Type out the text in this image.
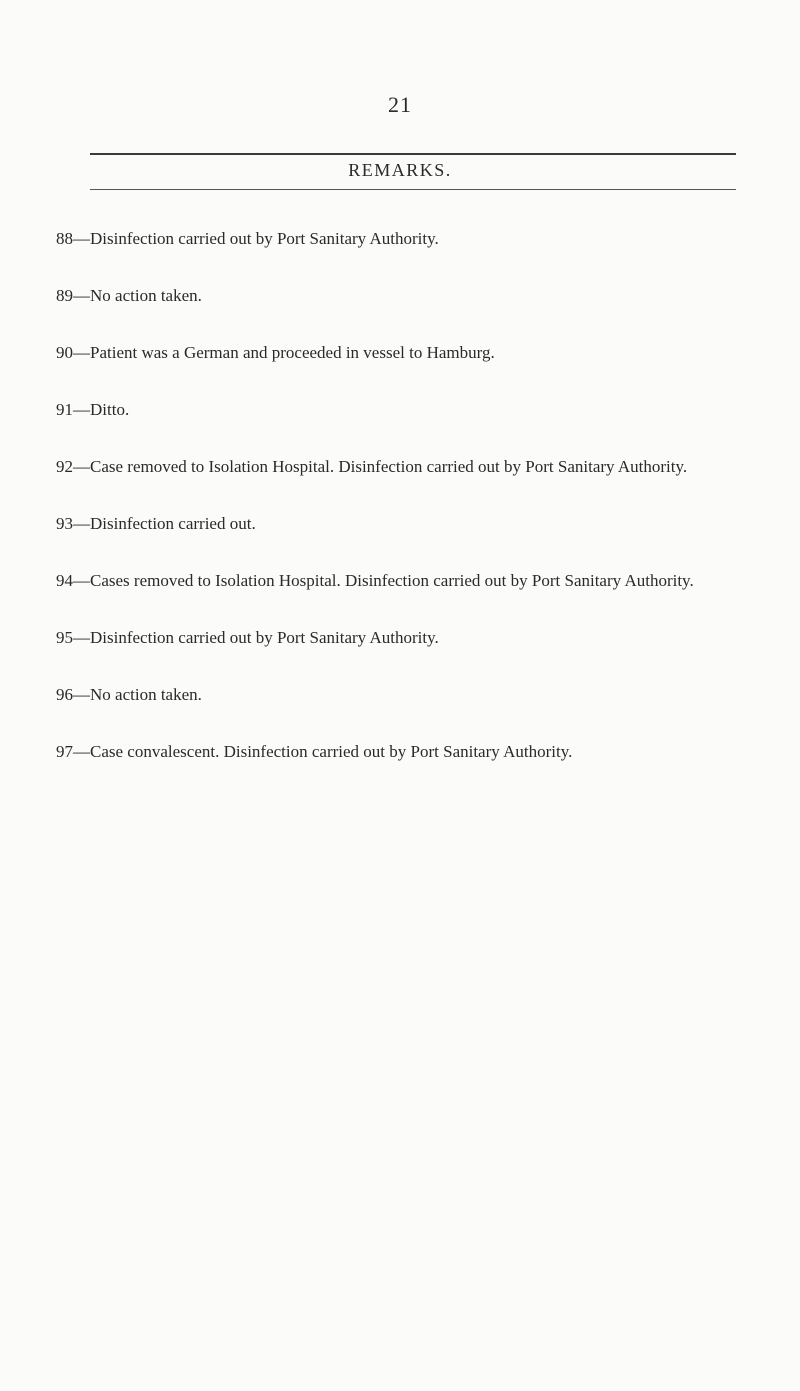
21
REMARKS.
88—Disinfection carried out by Port Sanitary Authority.
89—No action taken.
90—Patient was a German and proceeded in vessel to Hamburg.
91—Ditto.
92—Case removed to Isolation Hospital. Disinfection carried out by Port Sanitary Authority.
93—Disinfection carried out.
94—Cases removed to Isolation Hospital. Disinfection carried out by Port Sanitary Authority.
95—Disinfection carried out by Port Sanitary Authority.
96—No action taken.
97—Case convalescent. Disinfection carried out by Port Sanitary Authority.
